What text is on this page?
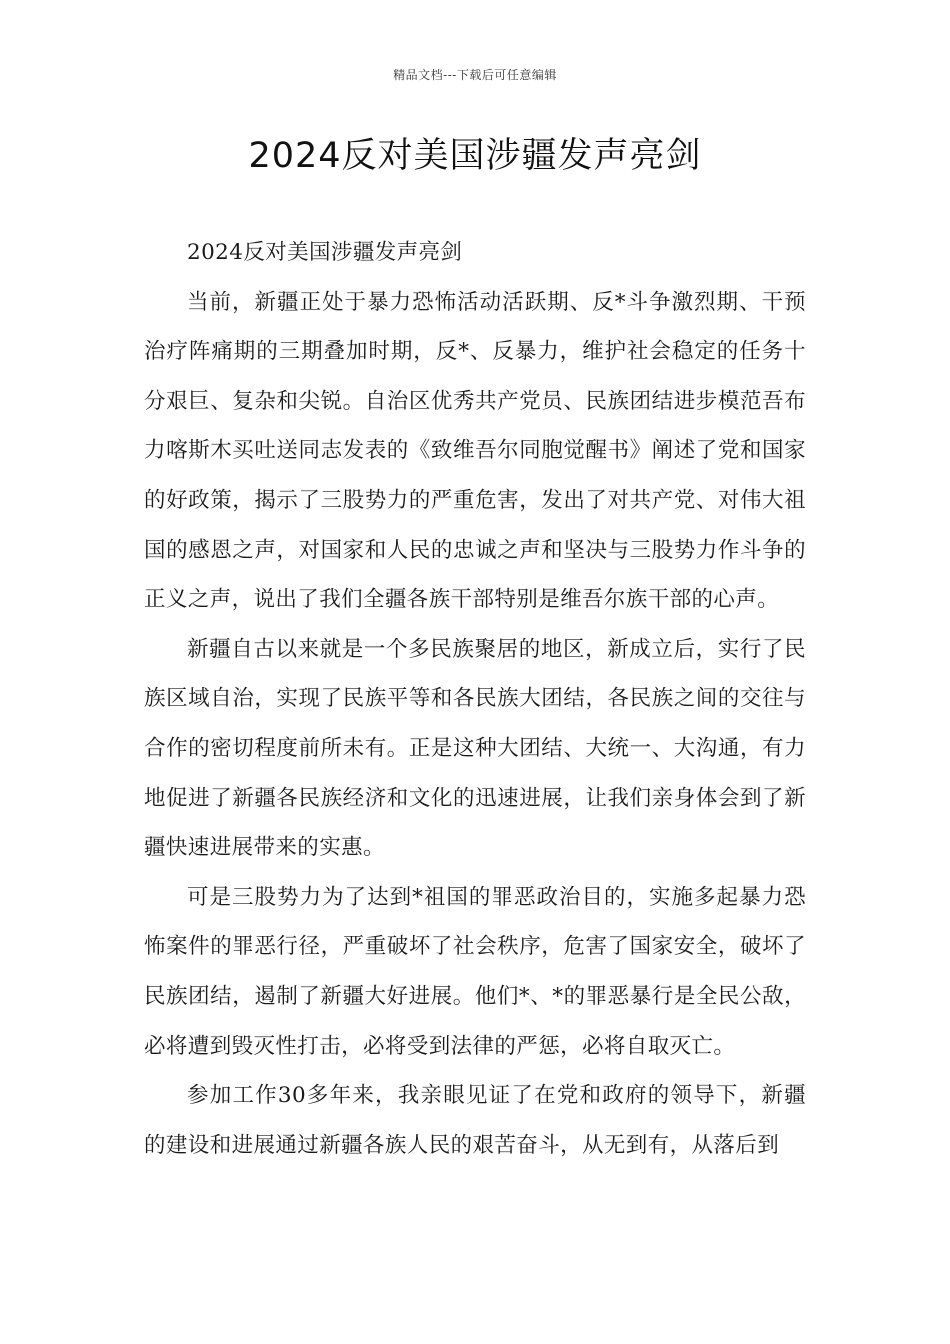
精品文档---下载后可任意编辑
2024反对美国涉疆发声亮剑

2024反对美国涉疆发声亮剑

当前，新疆正处于暴力恐怖活动活跃期、反*斗争激烈期、干预治疗阵痛期的三期叠加时期，反*、反暴力，维护社会稳定的任务十分艰巨、复杂和尖锐。自治区优秀共产党员、民族团结进步模范吾布力喀斯木买吐送同志发表的《致维吾尔同胞觉醒书》阐述了党和国家的好政策，揭示了三股势力的严重危害，发出了对共产党、对伟大祖国的感恩之声，对国家和人民的忠诚之声和坚决与三股势力作斗争的正义之声，说出了我们全疆各族干部特别是维吾尔族干部的心声。

新疆自古以来就是一个多民族聚居的地区，新成立后，实行了民族区域自治，实现了民族平等和各民族大团结，各民族之间的交往与合作的密切程度前所未有。正是这种大团结、大统一、大沟通，有力地促进了新疆各民族经济和文化的迅速进展，让我们亲身体会到了新疆快速进展带来的实惠。

可是三股势力为了达到*祖国的罪恶政治目的，实施多起暴力恐怖案件的罪恶行径，严重破坏了社会秩序，危害了国家安全，破坏了民族团结，遏制了新疆大好进展。他们*、*的罪恶暴行是全民公敌，必将遭到毁灭性打击，必将受到法律的严惩，必将自取灭亡。

参加工作30多年来，我亲眼见证了在党和政府的领导下，新疆的建设和进展通过新疆各族人民的艰苦奋斗，从无到有，从落后到
